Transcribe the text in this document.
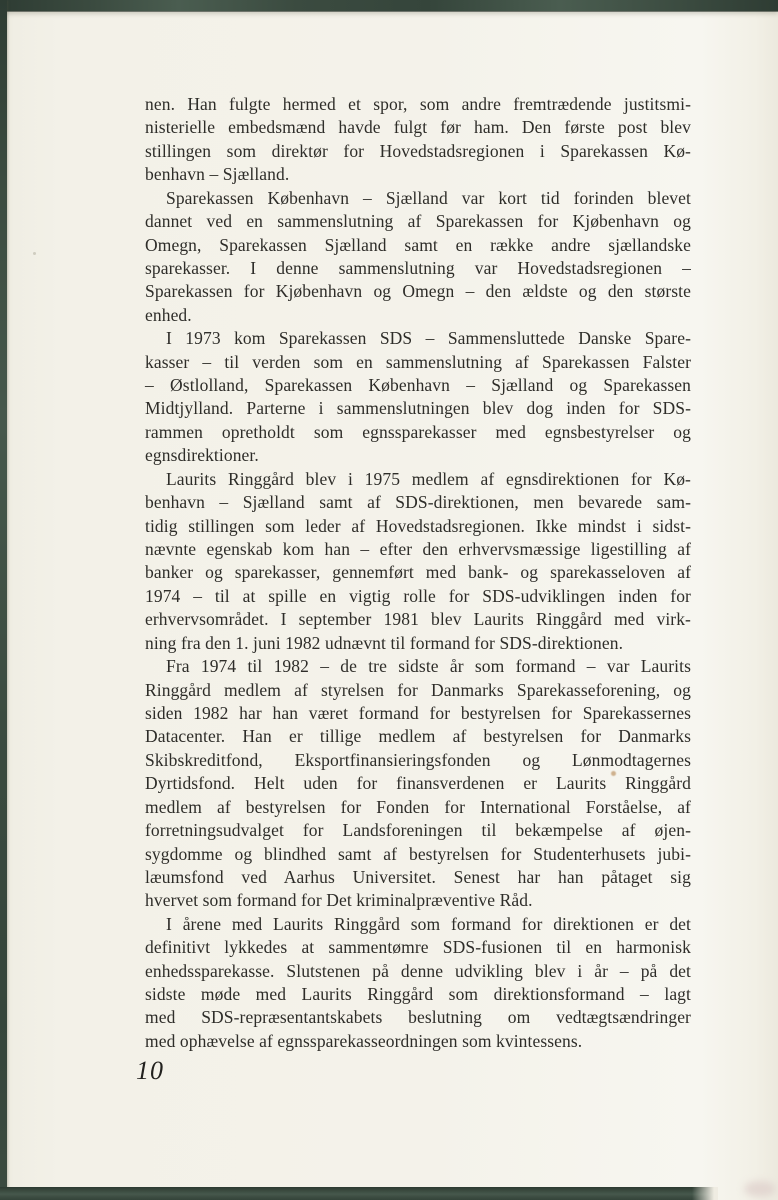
nen. Han fulgte hermed et spor, som andre fremtrædende justitsmi-
nisterielle embedsmænd havde fulgt før ham. Den første post blev
stillingen som direktør for Hovedstadsregionen i Sparekassen Kø-
benhavn – Sjælland.
Sparekassen København – Sjælland var kort tid forinden blevet
dannet ved en sammenslutning af Sparekassen for Kjøbenhavn og
Omegn, Sparekassen Sjælland samt en række andre sjællandske
sparekasser. I denne sammenslutning var Hovedstadsregionen –
Sparekassen for Kjøbenhavn og Omegn – den ældste og den største
enhed.
I 1973 kom Sparekassen SDS – Sammensluttede Danske Spare-
kasser – til verden som en sammenslutning af Sparekassen Falster
– Østlolland, Sparekassen København – Sjælland og Sparekassen
Midtjylland. Parterne i sammenslutningen blev dog inden for SDS-
rammen opretholdt som egnssparekasser med egnsbestyrelser og
egnsdirektioner.
Laurits Ringgård blev i 1975 medlem af egnsdirektionen for Kø-
benhavn – Sjælland samt af SDS-direktionen, men bevarede sam-
tidig stillingen som leder af Hovedstadsregionen. Ikke mindst i sidst-
nævnte egenskab kom han – efter den erhvervsmæssige ligestilling af
banker og sparekasser, gennemført med bank- og sparekasseloven af
1974 – til at spille en vigtig rolle for SDS-udviklingen inden for
erhvervsområdet. I september 1981 blev Laurits Ringgård med virk-
ning fra den 1. juni 1982 udnævnt til formand for SDS-direktionen.
Fra 1974 til 1982 – de tre sidste år som formand – var Laurits
Ringgård medlem af styrelsen for Danmarks Sparekasseforening, og
siden 1982 har han været formand for bestyrelsen for Sparekassernes
Datacenter. Han er tillige medlem af bestyrelsen for Danmarks
Skibskreditfond, Eksportfinansieringsfonden og Lønmodtagernes
Dyrtidsfond. Helt uden for finansverdenen er Laurits Ringgård
medlem af bestyrelsen for Fonden for International Forståelse, af
forretningsudvalget for Landsforeningen til bekæmpelse af øjen-
sygdomme og blindhed samt af bestyrelsen for Studenterhusets jubi-
læumsfond ved Aarhus Universitet. Senest har han påtaget sig
hvervet som formand for Det kriminalpræventive Råd.
I årene med Laurits Ringgård som formand for direktionen er det
definitivt lykkedes at sammentømre SDS-fusionen til en harmonisk
enhedssparekasse. Slutstenen på denne udvikling blev i år – på det
sidste møde med Laurits Ringgård som direktionsformand – lagt
med SDS-repræsentantskabets beslutning om vedtægtsændringer
med ophævelse af egnssparekasseordningen som kvintessens.
10
